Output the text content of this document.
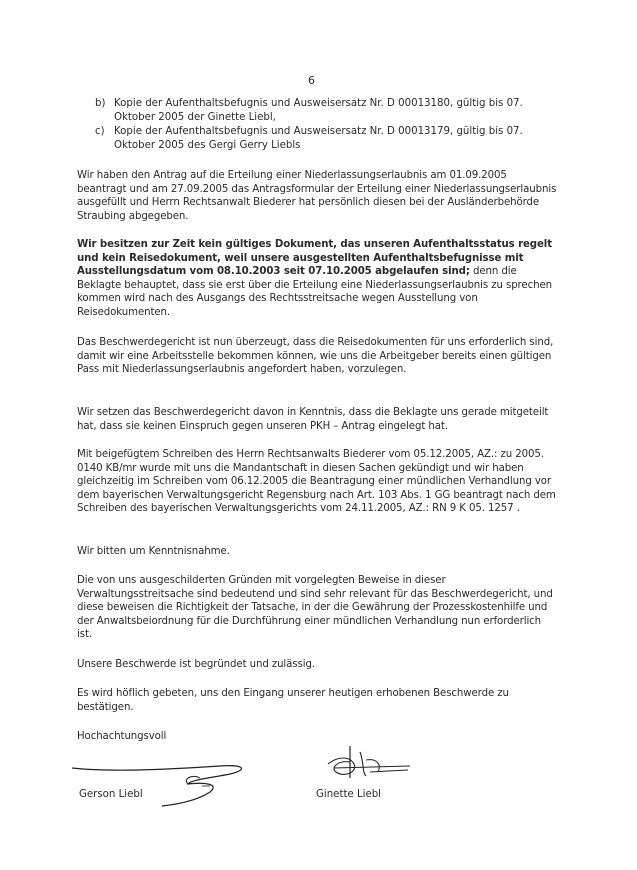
6
b) Kopie der Aufenthaltsbefugnis und Ausweisersatz Nr. D 00013180, gültig bis 07. Oktober 2005 der Ginette Liebl,
c) Kopie der Aufenthaltsbefugnis und Ausweisersatz Nr. D 00013179, gültig bis 07. Oktober 2005 des Gergi Gerry Liebls
Wir haben den Antrag auf die Erteilung einer Niederlassungserlaubnis am 01.09.2005 beantragt und am 27.09.2005 das Antragsformular der Erteilung einer Niederlassungserlaubnis ausgefüllt und Herrn Rechtsanwalt Biederer hat persönlich diesen bei der Ausländerbehörde Straubing abgegeben.
Wir besitzen zur Zeit kein gültiges Dokument, das unseren Aufenthaltsstatus regelt und kein Reisedokument, weil unsere ausgestellten Aufenthaltsbefugnisse mit Ausstellungsdatum vom 08.10.2003 seit 07.10.2005 abgelaufen sind; denn die Beklagte behauptet, dass sie erst über die Erteilung eine Niederlassungserlaubnis zu sprechen kommen wird nach des Ausgangs des Rechtsstreitsache wegen Ausstellung von Reisedokumenten.
Das Beschwerdegericht ist nun überzeugt, dass die Reisedokumenten für uns erforderlich sind, damit wir eine Arbeitsstelle bekommen können, wie uns die Arbeitgeber bereits einen gültigen Pass mit Niederlassungserlaubnis angefordert haben, vorzulegen.
Wir setzen das Beschwerdegericht davon in Kenntnis, dass die Beklagte uns gerade mitgeteilt hat, dass sie keinen Einspruch gegen unseren PKH – Antrag eingelegt hat.
Mit beigefügtem Schreiben des Herrn Rechtsanwalts Biederer vom 05.12.2005, AZ.: zu 2005. 0140 KB/mr wurde mit uns die Mandantschaft in diesen Sachen gekündigt und wir haben gleichzeitig im Schreiben vom 06.12.2005 die Beantragung einer mündlichen Verhandlung vor dem bayerischen Verwaltungsgericht Regensburg nach Art. 103 Abs. 1 GG beantragt nach dem Schreiben des bayerischen Verwaltungsgerichts vom 24.11.2005, AZ.: RN 9 K 05. 1257 .
Wir bitten um Kenntnisnahme.
Die von uns ausgeschilderten Gründen mit vorgelegten Beweise in dieser Verwaltungsstreitsache sind bedeutend und sind sehr relevant für das Beschwerdegericht, und diese beweisen die Richtigkeit der Tatsache, in der die Gewährung der Prozesskostenhilfe und der Anwaltsbeiordnung für die Durchführung einer mündlichen Verhandlung nun erforderlich ist.
Unsere Beschwerde ist begründet und zulässig.
Es wird höflich gebeten, uns den Eingang unserer heutigen erhobenen Beschwerde zu bestätigen.
Hochachtungsvoll
Gerson Liebl	Ginette Liebl
